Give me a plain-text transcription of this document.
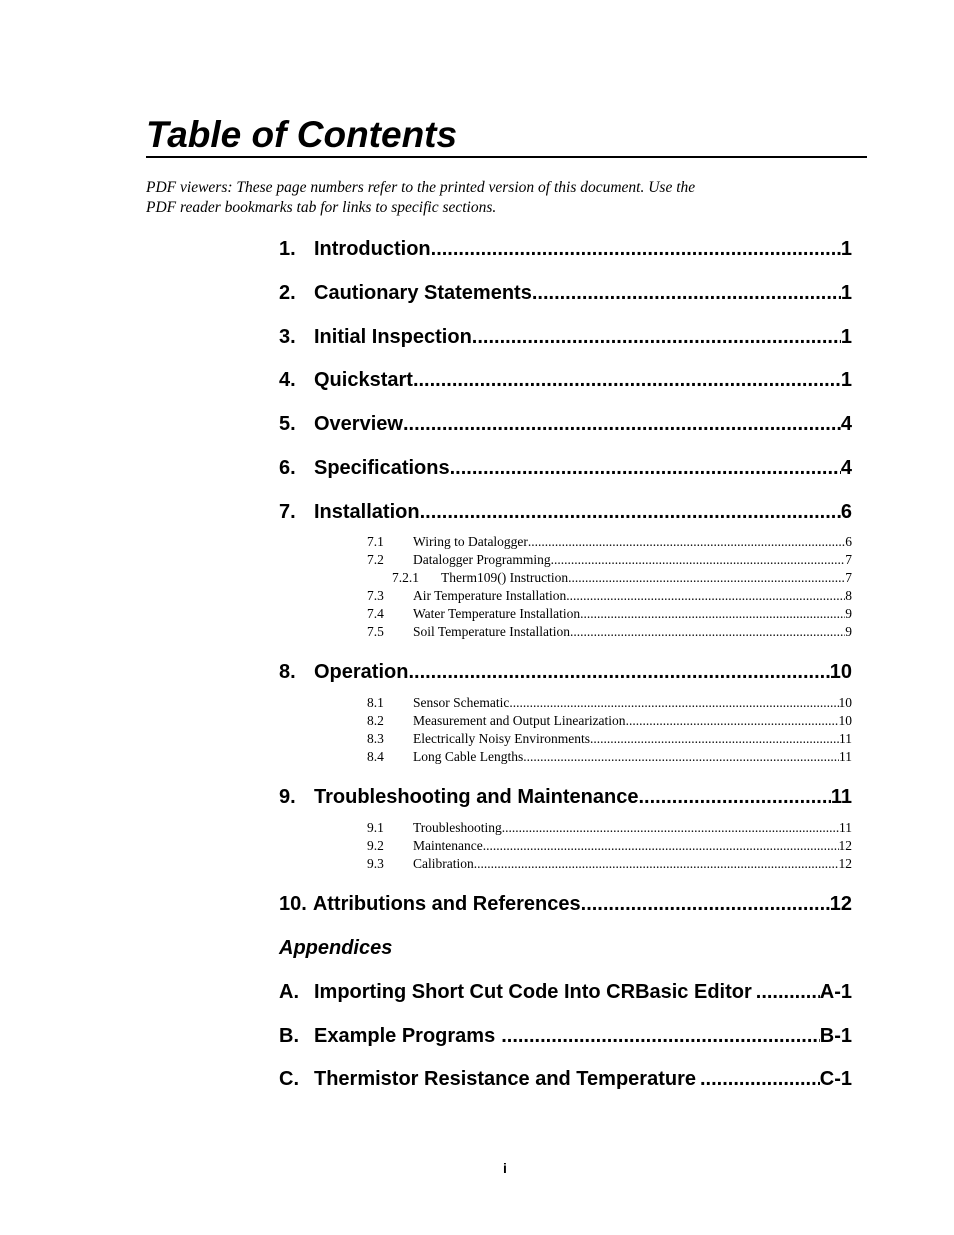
Table of Contents
PDF viewers: These page numbers refer to the printed version of this document. Use the
PDF reader bookmarks tab for links to specific sections.
1. Introduction .....	1
2. Cautionary Statements .....	1
3. Initial Inspection .....	1
4. Quickstart .....	1
5. Overview .....	4
6. Specifications .....	4
7. Installation .....	6
7.1	Wiring to Datalogger .....	6
7.2	Datalogger Programming .....	7
7.2.1	Therm109() Instruction .....	7
7.3	Air Temperature Installation .....	8
7.4	Water Temperature Installation .....	9
7.5	Soil Temperature Installation .....	9
8. Operation .....	10
8.1	Sensor Schematic .....	10
8.2	Measurement and Output Linearization .....	10
8.3	Electrically Noisy Environments .....	11
8.4	Long Cable Lengths .....	11
9. Troubleshooting and Maintenance .....	11
9.1	Troubleshooting .....	11
9.2	Maintenance .....	12
9.3	Calibration .....	12
10. Attributions and References .....	12
Appendices
A. Importing Short Cut Code Into CRBasic Editor .....	A-1
B. Example Programs .....	B-1
C. Thermistor Resistance and Temperature .....	C-1
i
